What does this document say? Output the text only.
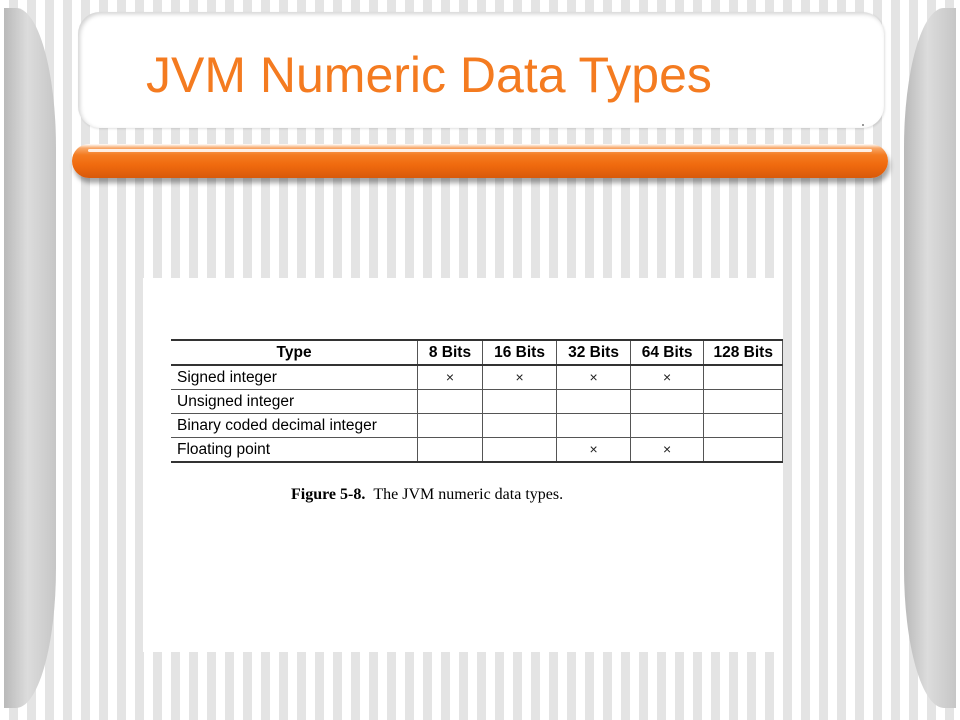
JVM Numeric Data Types
Type	8 Bits	16 Bits	32 Bits	64 Bits	128 Bits
Signed integer	×	×	×	×	
Unsigned integer					
Binary coded decimal integer					
Floating point			×	×	

Figure 5-8. The JVM numeric data types.
